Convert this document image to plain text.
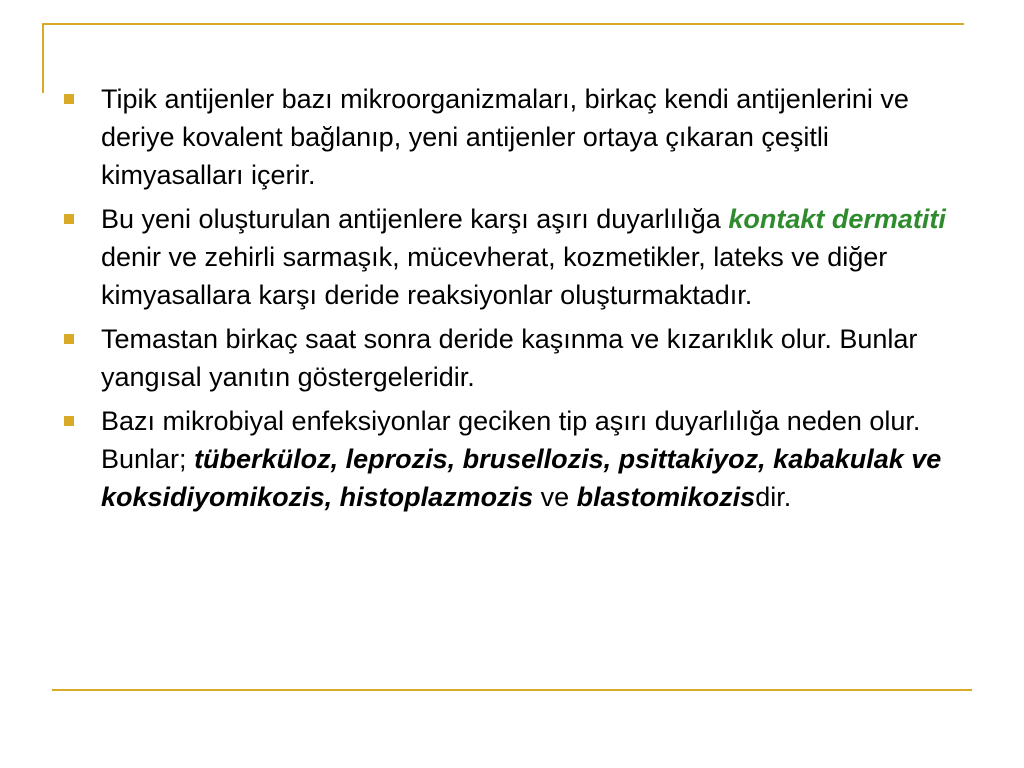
Tipik antijenler bazı mikroorganizmaları, birkaç kendi antijenlerini ve deriye kovalent bağlanıp, yeni antijenler ortaya çıkaran çeşitli kimyasalları içerir.
Bu yeni oluşturulan antijenlere karşı aşırı duyarlılığa kontakt dermatiti denir ve zehirli sarmaşık, mücevherat, kozmetikler, lateks ve diğer kimyasallara karşı deride reaksiyonlar oluşturmaktadır.
Temastan birkaç saat sonra deride kaşınma ve kızarıklık olur. Bunlar yangısal yanıtın göstergeleridir.
Bazı mikrobiyal enfeksiyonlar geciken tip aşırı duyarlılığa neden olur. Bunlar; tüberküloz, leprozis, brusellozis, psittakiyoz, kabakulak ve koksidiyomikozis, histoplazmozis ve blastomikozisdir.
